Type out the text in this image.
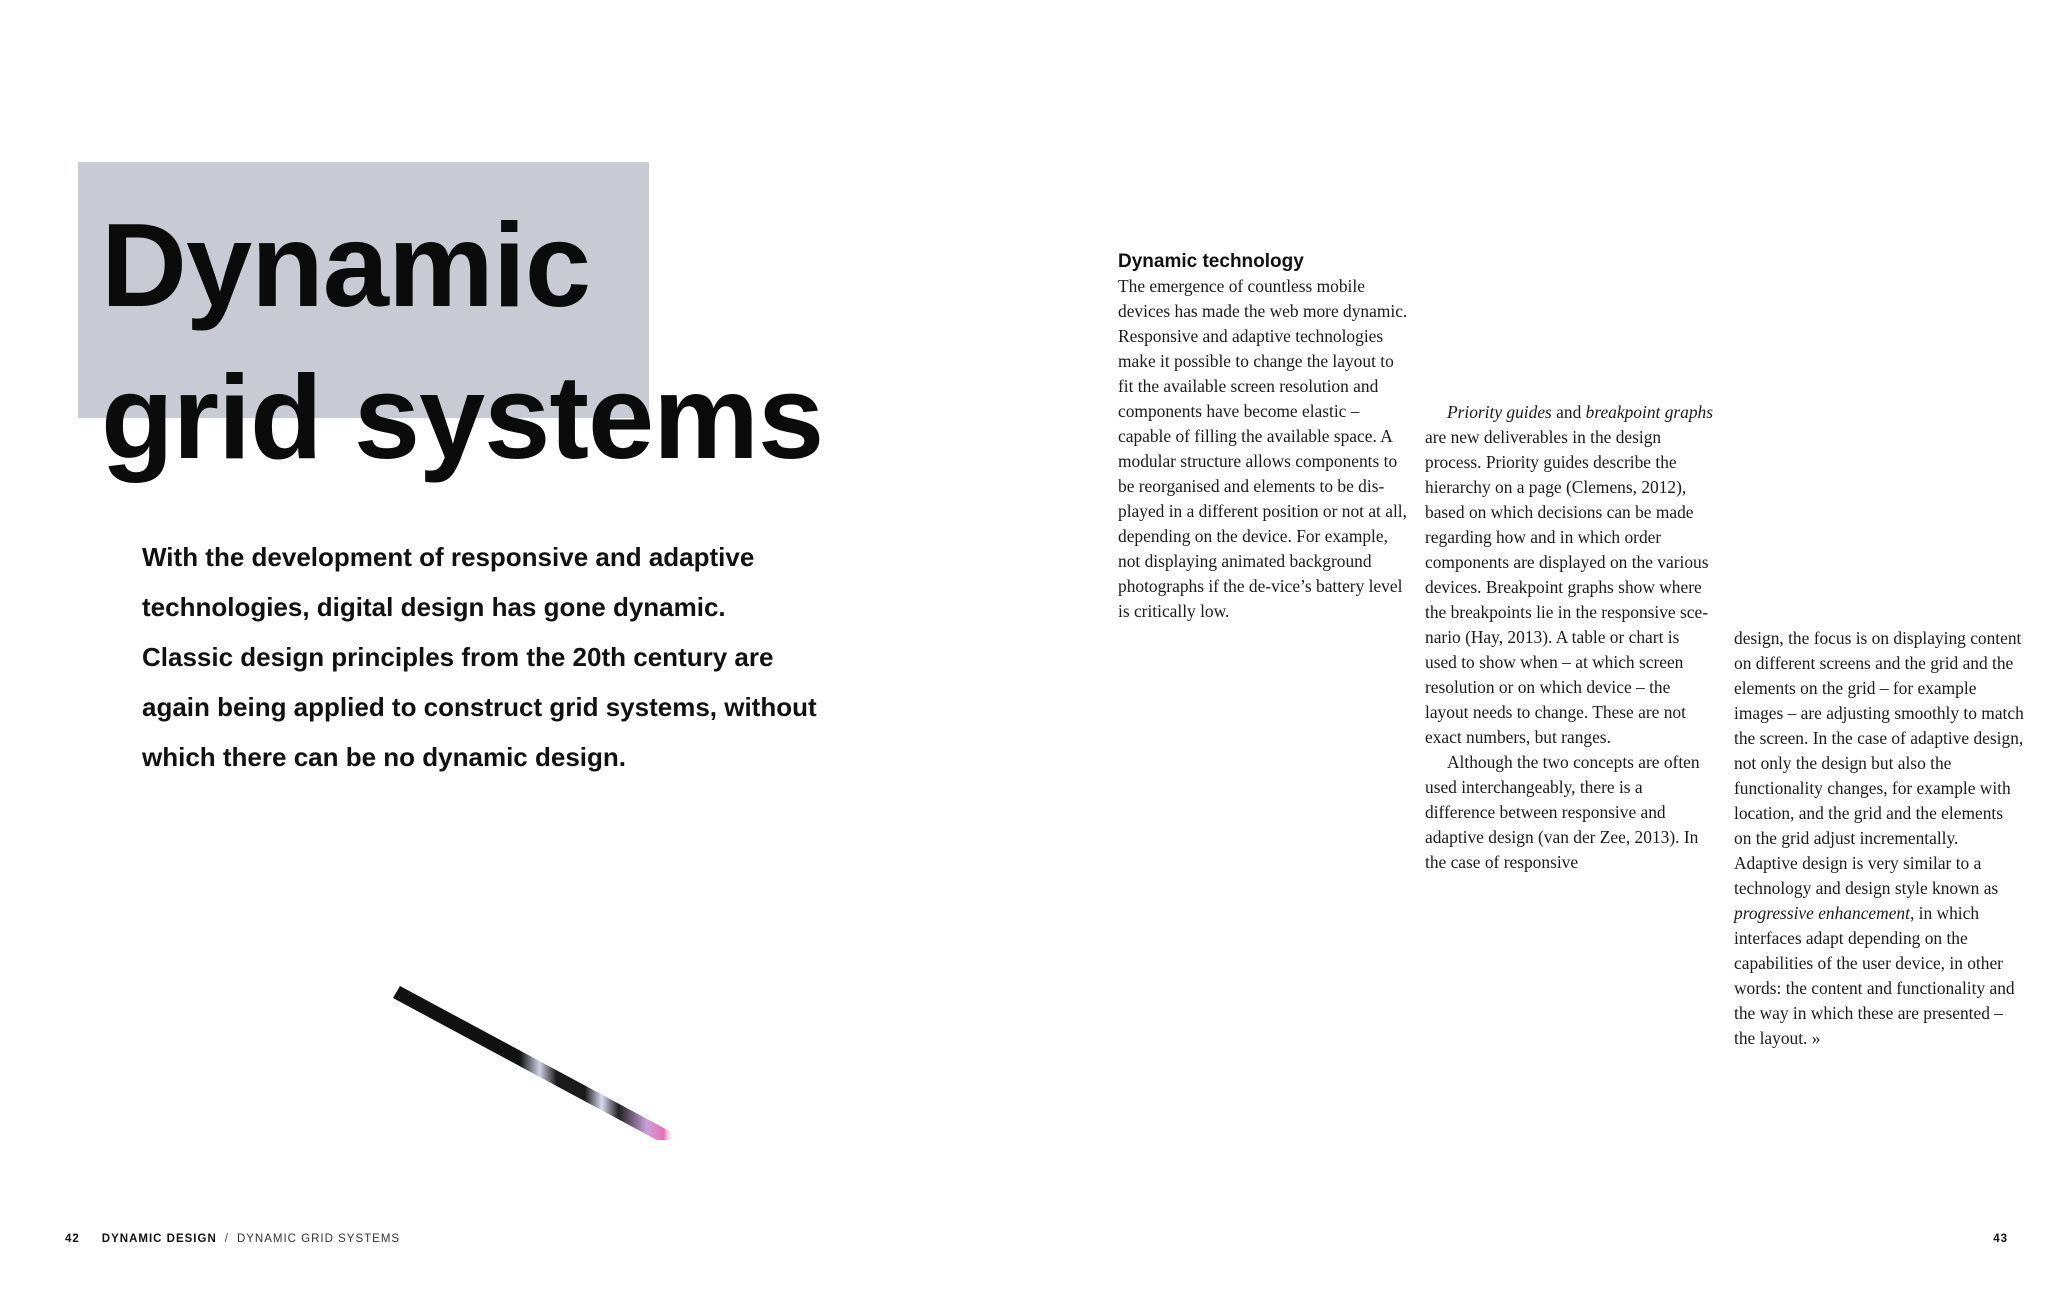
Dynamic
grid systems

With the development of responsive and adaptive technologies, digital design has gone dynamic. Classic design principles from the 20th century are again being applied to construct grid systems, without which there can be no dynamic design.

Dynamic technology

The emergence of countless mobile devices has made the web more dynamic. Responsive and adaptive technologies make it possible to change the layout to fit the available screen resolution and components have become elastic – capable of filling the available space. A modular structure allows components to be reorganised and elements to be dis-played in a different position or not at all, depending on the device. For example, not displaying animated background photographs if the de-vice’s battery level is critically low.

Priority guides and breakpoint graphs are new deliverables in the design process. Priority guides describe the hierarchy on a page (Clemens, 2012), based on which decisions can be made regarding how and in which order components are displayed on the various devices. Breakpoint graphs show where the breakpoints lie in the responsive sce-nario (Hay, 2013). A table or chart is used to show when – at which screen resolution or on which device – the layout needs to change. These are not exact numbers, but ranges.

Although the two concepts are often used interchangeably, there is a difference between responsive and adaptive design (van der Zee, 2013). In the case of responsive

design, the focus is on displaying content on different screens and the grid and the elements on the grid – for example images – are adjusting smoothly to match the screen. In the case of adaptive design, not only the design but also the functionality changes, for example with location, and the grid and the elements on the grid adjust incrementally. Adaptive design is very similar to a technology and design style known as progressive enhancement, in which interfaces adapt depending on the capabilities of the user device, in other words: the content and functionality and the way in which these are presented – the layout. »

42 DYNAMIC DESIGN / DYNAMIC GRID SYSTEMS	43
